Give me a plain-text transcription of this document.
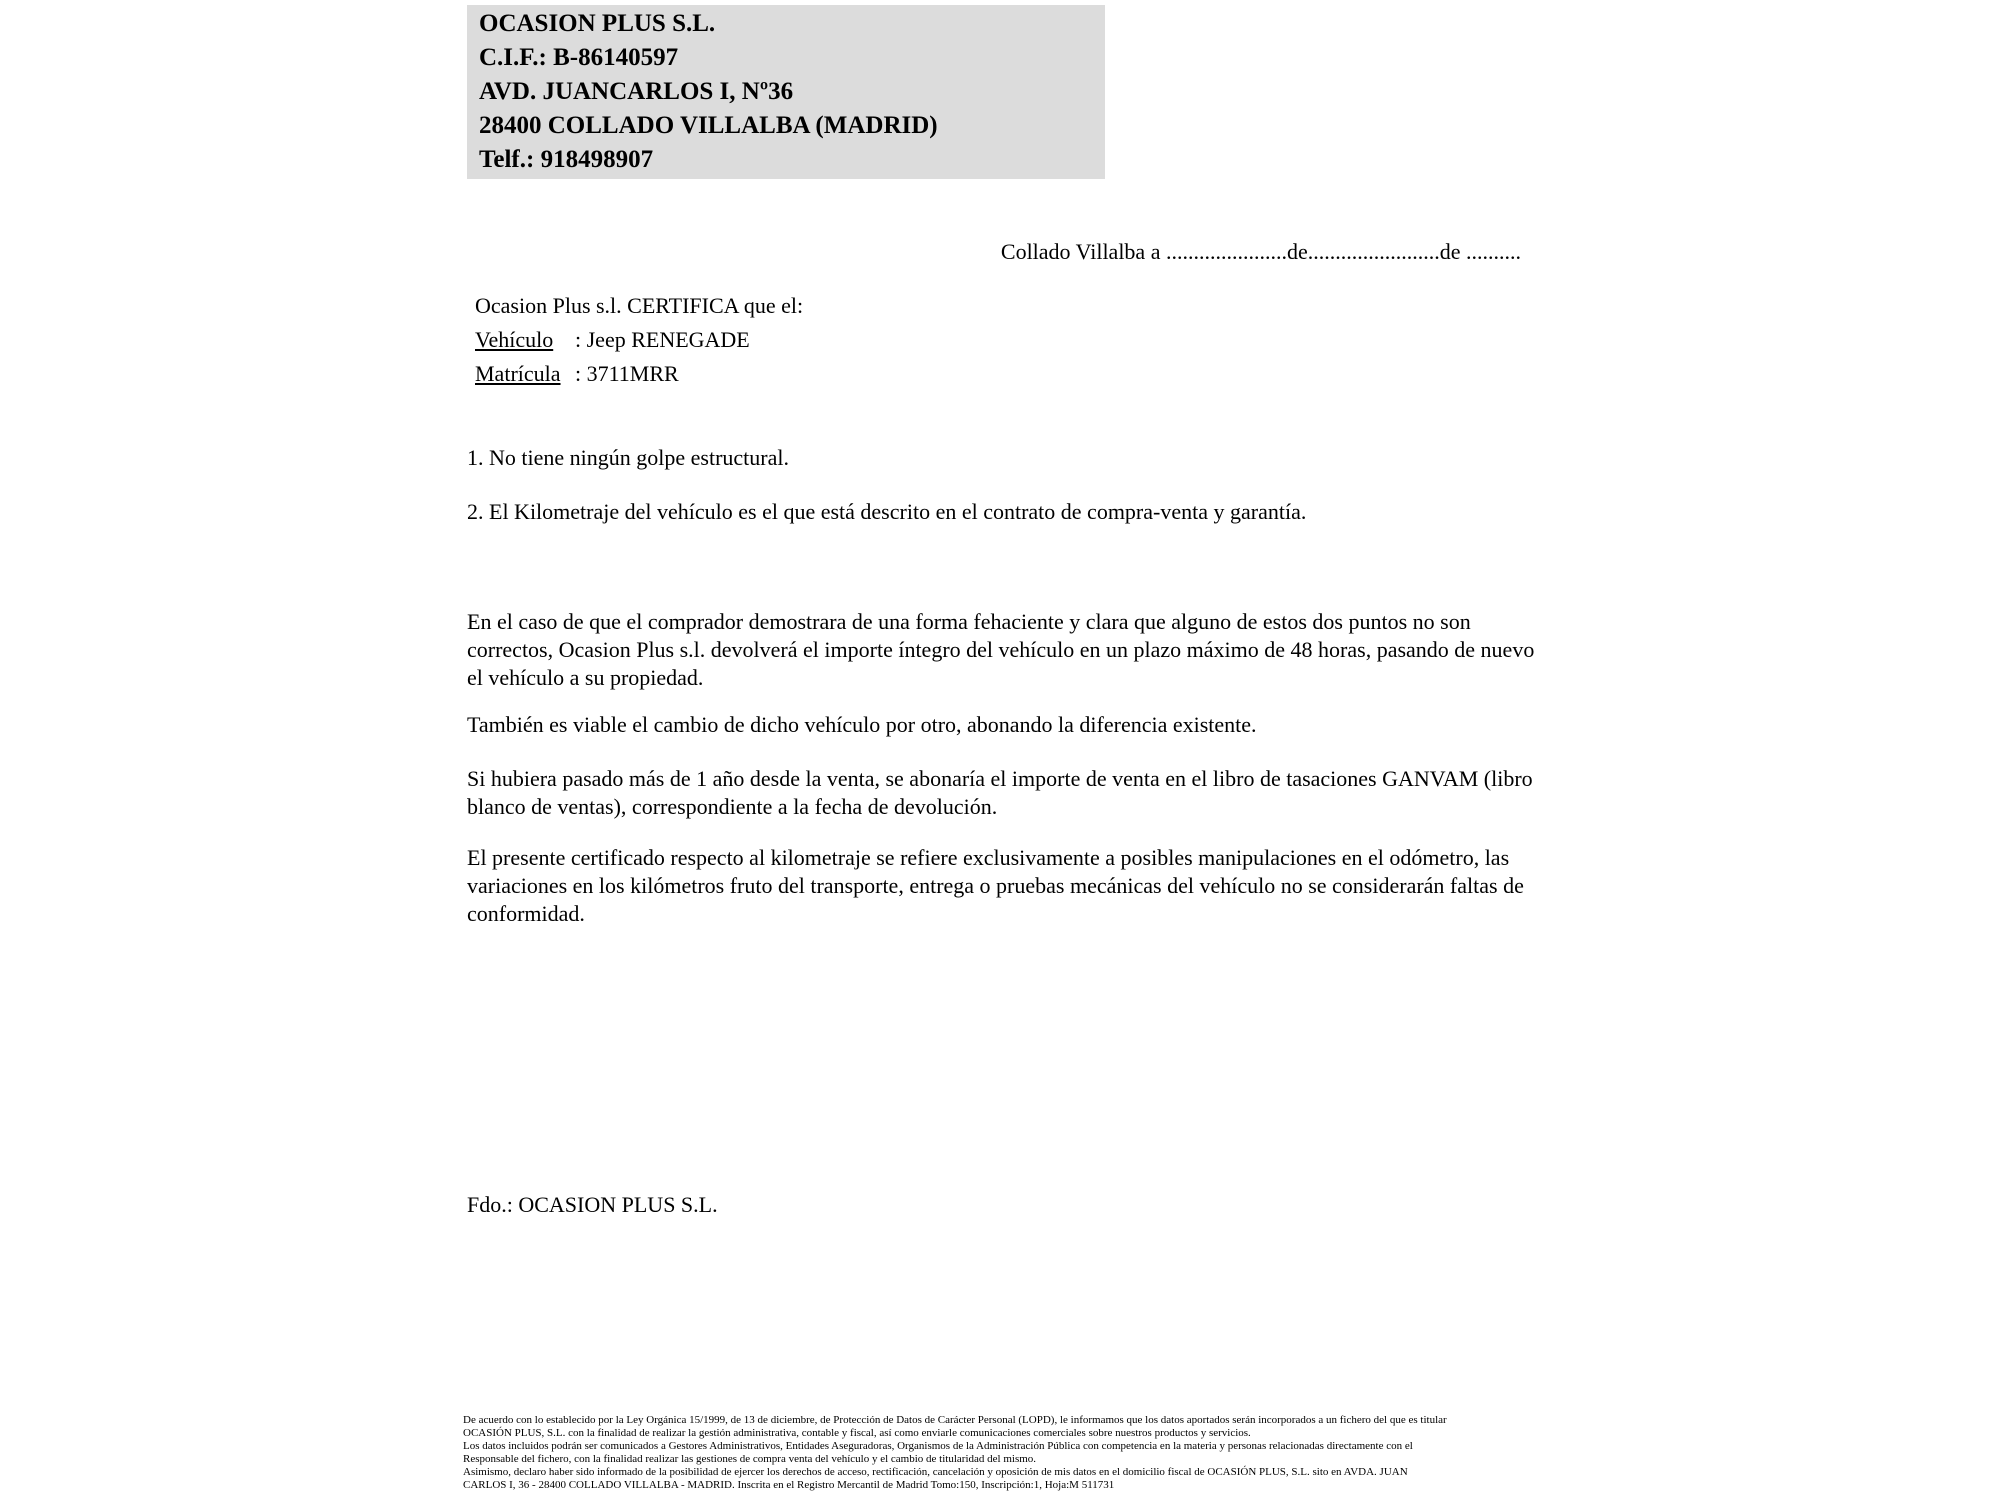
OCASION PLUS S.L.
C.I.F.: B-86140597
AVD. JUANCARLOS I, Nº36
28400 COLLADO VILLALBA (MADRID)
Telf.: 918498907
Collado Villalba a ......................de........................de ..........
Ocasion Plus s.l. CERTIFICA que el:
Vehículo : Jeep RENEGADE
Matrícula : 3711MRR
1. No tiene ningún golpe estructural.
2. El Kilometraje del vehículo es el que está descrito en el contrato de compra-venta y garantía.
En el caso de que el comprador demostrara de una forma fehaciente y clara que alguno de estos dos puntos no son correctos, Ocasion Plus s.l. devolverá el importe íntegro del vehículo en un plazo máximo de 48 horas, pasando de nuevo el vehículo a su propiedad.
También es viable el cambio de dicho vehículo por otro, abonando la diferencia existente.
Si hubiera pasado más de 1 año desde la venta, se abonaría el importe de venta en el libro de tasaciones GANVAM (libro blanco de ventas), correspondiente a la fecha de devolución.
El presente certificado respecto al kilometraje se refiere exclusivamente a posibles manipulaciones en el odómetro, las variaciones en los kilómetros fruto del transporte, entrega o pruebas mecánicas del vehículo no se considerarán faltas de conformidad.
Fdo.: OCASION PLUS S.L.
De acuerdo con lo establecido por la Ley Orgánica 15/1999, de 13 de diciembre, de Protección de Datos de Carácter Personal (LOPD), le informamos que los datos aportados serán incorporados a un fichero del que es titular
OCASIÓN PLUS, S.L. con la finalidad de realizar la gestión administrativa, contable y fiscal, así como enviarle comunicaciones comerciales sobre nuestros productos y servicios.
Los datos incluidos podrán ser comunicados a Gestores Administrativos, Entidades Aseguradoras, Organismos de la Administración Pública con competencia en la materia y personas relacionadas directamente con el
Responsable del fichero, con la finalidad realizar las gestiones de compra venta del vehículo y el cambio de titularidad del mismo.
Asimismo, declaro haber sido informado de la posibilidad de ejercer los derechos de acceso, rectificación, cancelación y oposición de mis datos en el domicilio fiscal de OCASIÓN PLUS, S.L. sito en AVDA. JUAN
CARLOS I, 36 - 28400 COLLADO VILLALBA - MADRID. Inscrita en el Registro Mercantil de Madrid Tomo:150, Inscripción:1, Hoja:M 511731
